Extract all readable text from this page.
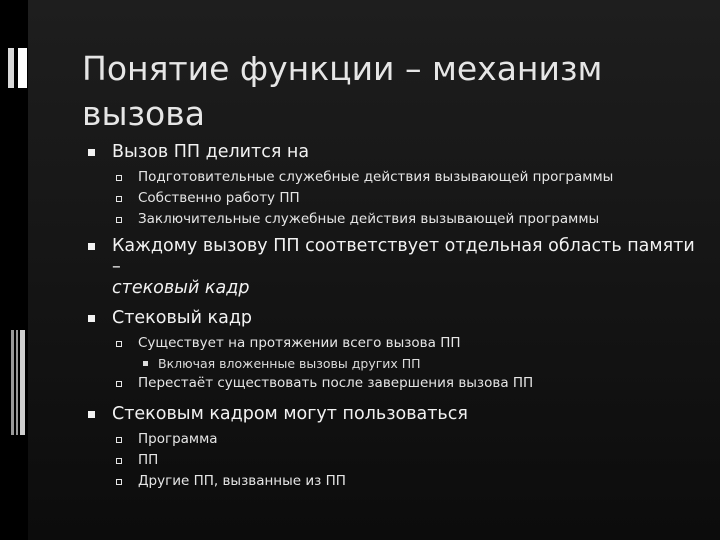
Понятие функции – механизм вызова
Вызов ПП делится на
Подготовительные служебные действия вызывающей программы
Собственно работу ПП
Заключительные служебные действия вызывающей программы
Каждому вызову ПП соответствует отдельная область памяти –
стековый кадр
Стековый кадр
Существует на протяжении всего вызова ПП
Включая вложенные вызовы других ПП
Перестаёт существовать после завершения вызова ПП
Стековым кадром могут пользоваться
Программа
ПП
Другие ПП, вызванные из ПП
